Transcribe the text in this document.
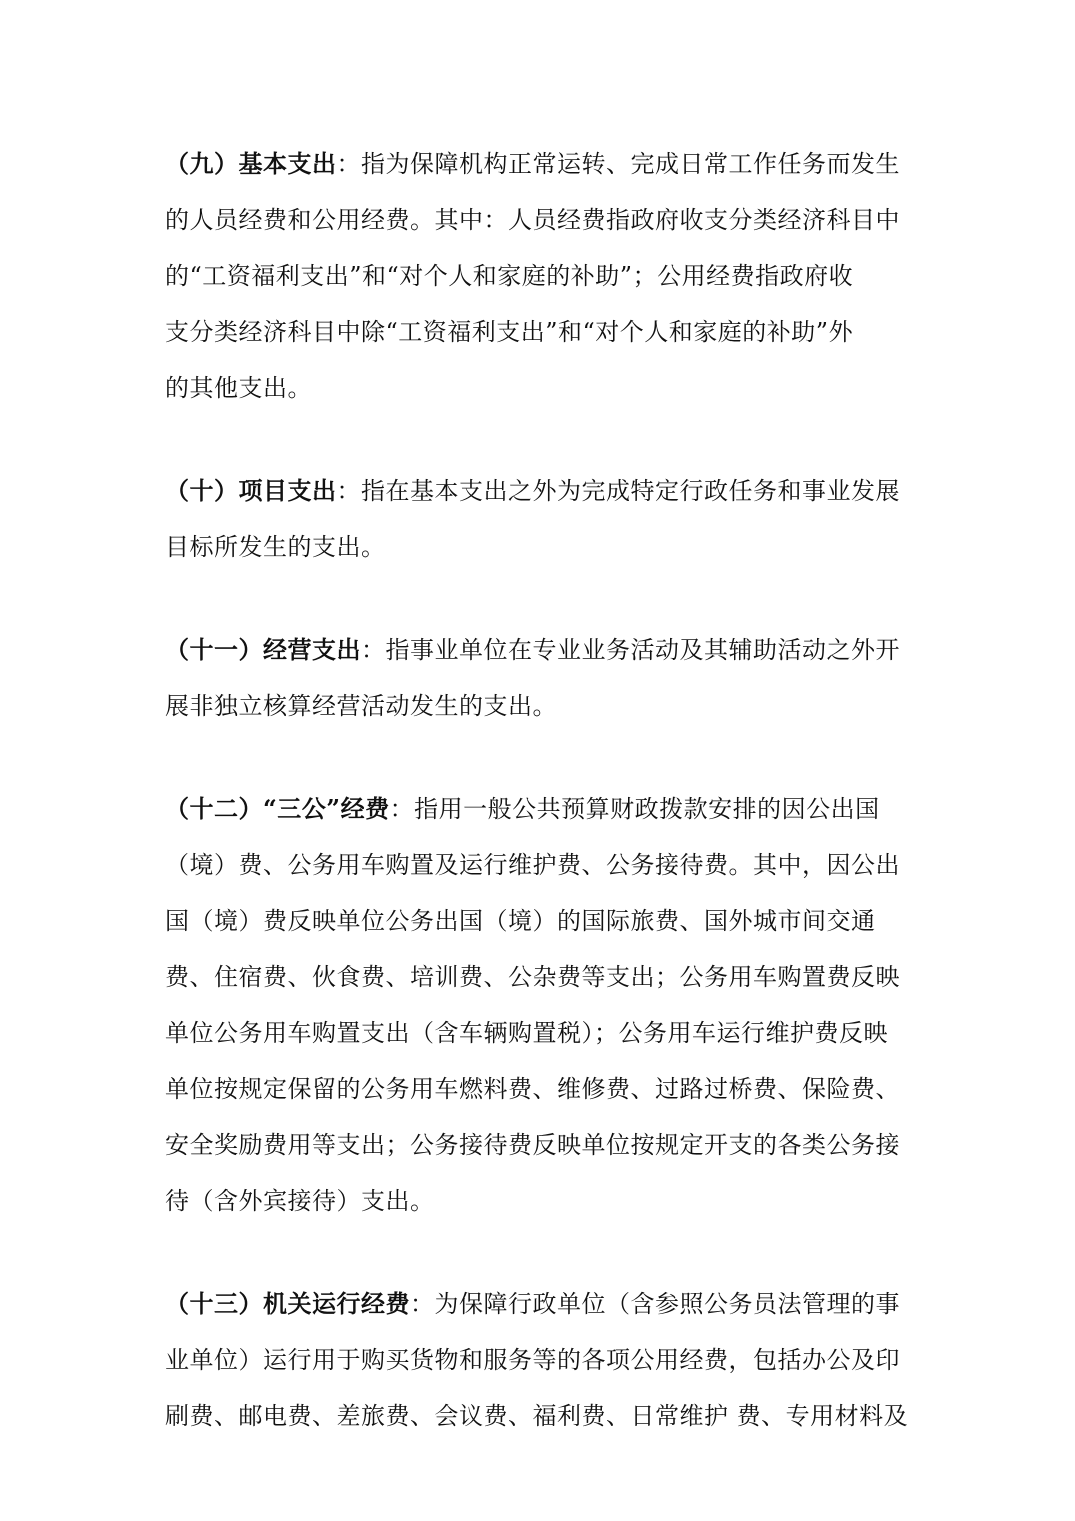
（九）基本支出：指为保障机构正常运转、完成日常工作任务而发生
的人员经费和公用经费。其中：人员经费指政府收支分类经济科目中
的“工资福利支出”和“对个人和家庭的补助”；公用经费指政府收
支分类经济科目中除“工资福利支出”和“对个人和家庭的补助”外
的其他支出。
（十）项目支出：指在基本支出之外为完成特定行政任务和事业发展
目标所发生的支出。
（十一）经营支出：指事业单位在专业业务活动及其辅助活动之外开
展非独立核算经营活动发生的支出。
（十二）“三公”经费：指用一般公共预算财政拨款安排的因公出国
（境）费、公务用车购置及运行维护费、公务接待费。其中，因公出
国（境）费反映单位公务出国（境）的国际旅费、国外城市间交通
费、住宿费、伙食费、培训费、公杂费等支出；公务用车购置费反映
单位公务用车购置支出（含车辆购置税）；公务用车运行维护费反映
单位按规定保留的公务用车燃料费、维修费、过路过桥费、保险费、
安全奖励费用等支出；公务接待费反映单位按规定开支的各类公务接
待（含外宾接待）支出。
（十三）机关运行经费：为保障行政单位（含参照公务员法管理的事
业单位）运行用于购买货物和服务等的各项公用经费，包括办公及印
刷费、邮电费、差旅费、会议费、福利费、日常维护 费、专用材料及
